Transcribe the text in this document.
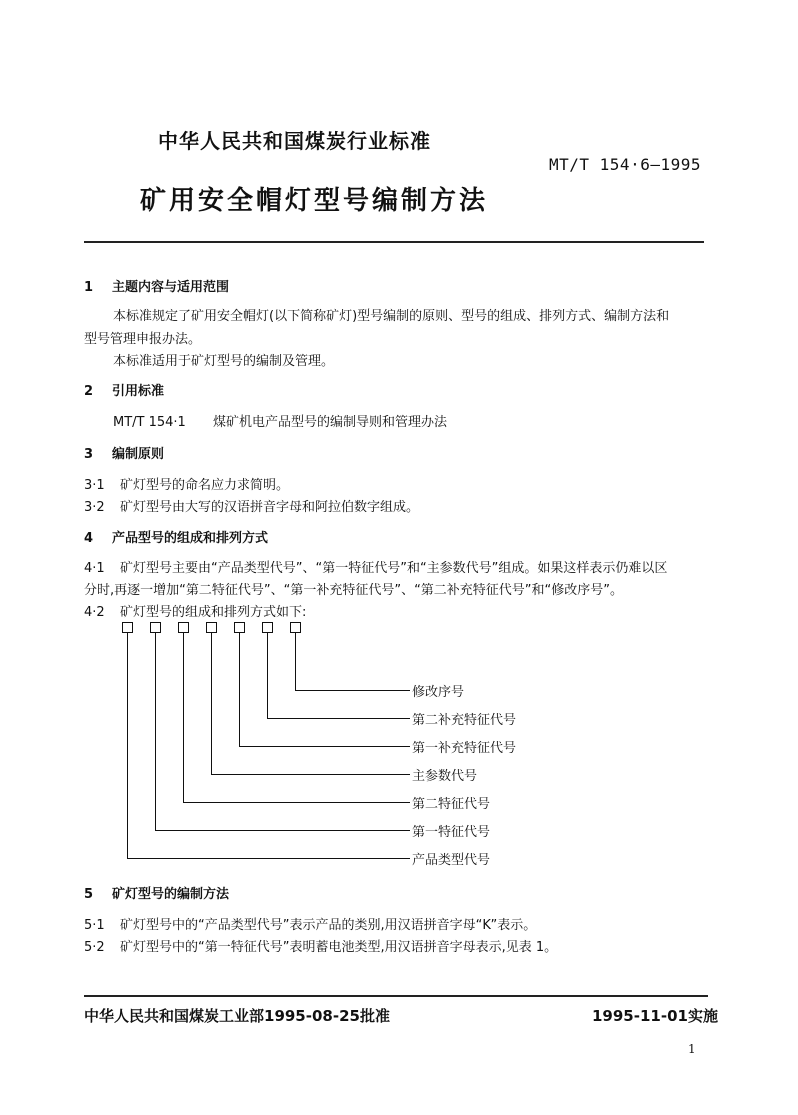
中华人民共和国煤炭行业标准
MT/T 154·6—1995
矿用安全帽灯型号编制方法
1 主题内容与适用范围
本标准规定了矿用安全帽灯(以下简称矿灯)型号编制的原则、型号的组成、排列方式、编制方法和
型号管理申报办法。
本标准适用于矿灯型号的编制及管理。
2 引用标准
MT/T 154·1 煤矿机电产品型号的编制导则和管理办法
3 编制原则
3·1 矿灯型号的命名应力求简明。
3·2 矿灯型号由大写的汉语拼音字母和阿拉伯数字组成。
4 产品型号的组成和排列方式
4·1 矿灯型号主要由“产品类型代号”、“第一特征代号”和“主参数代号”组成。如果这样表示仍难以区
分时,再逐一增加“第二特征代号”、“第一补充特征代号”、“第二补充特征代号”和“修改序号”。
4·2 矿灯型号的组成和排列方式如下:
修改序号
第二补充特征代号
第一补充特征代号
主参数代号
第二特征代号
第一特征代号
产品类型代号
5 矿灯型号的编制方法
5·1 矿灯型号中的“产品类型代号”表示产品的类别,用汉语拼音字母“K”表示。
5·2 矿灯型号中的“第一特征代号”表明蓄电池类型,用汉语拼音字母表示,见表 1。
中华人民共和国煤炭工业部1995-08-25批准	1995-11-01实施
1
